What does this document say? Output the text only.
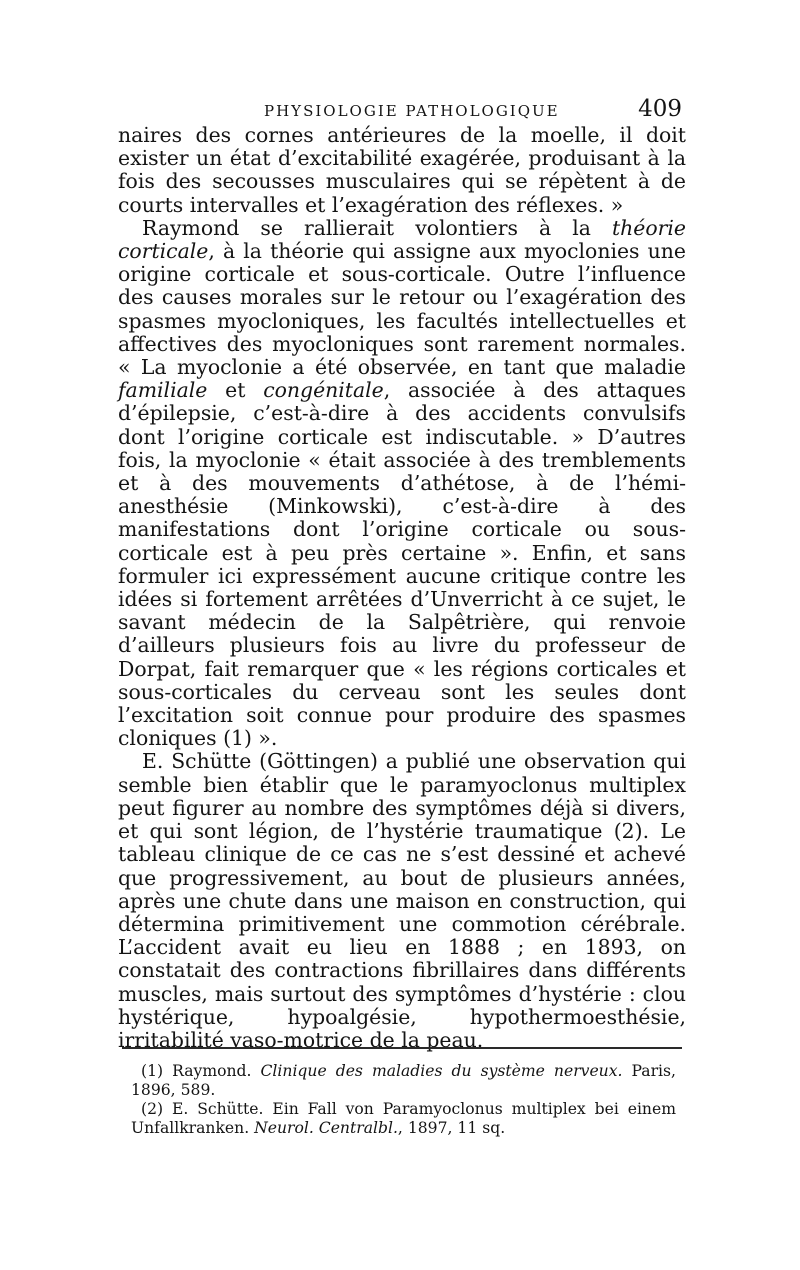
PHYSIOLOGIE PATHOLOGIQUE	409

naires des cornes antérieures de la moelle, il doit exister un état d’excitabilité exagérée, produisant à la fois des secousses musculaires qui se répètent à de courts intervalles et l’exagération des réflexes. »

Raymond se rallierait volontiers à la théorie corticale, à la théorie qui assigne aux myoclonies une origine corticale et sous-corticale. Outre l’influence des causes morales sur le retour ou l’exagération des spasmes myocloniques, les facultés intellectuelles et affectives des myocloniques sont rarement normales. « La myoclonie a été observée, en tant que maladie familiale et congénitale, associée à des attaques d’épilepsie, c’est-à-dire à des accidents convulsifs dont l’origine corticale est indiscutable. » D’autres fois, la myoclonie « était associée à des tremblements et à des mouvements d’athétose, à de l’hémi-anesthésie (Minkowski), c’est-à-dire à des manifestations dont l’origine corticale ou sous-corticale est à peu près certaine ». Enfin, et sans formuler ici expressément aucune critique contre les idées si fortement arrêtées d’Unverricht à ce sujet, le savant médecin de la Salpêtrière, qui renvoie d’ailleurs plusieurs fois au livre du professeur de Dorpat, fait remarquer que « les régions corticales et sous-corticales du cerveau sont les seules dont l’excitation soit connue pour produire des spasmes cloniques (1) ».

E. Schütte (Göttingen) a publié une observation qui semble bien établir que le paramyoclonus multiplex peut figurer au nombre des symptômes déjà si divers, et qui sont légion, de l’hystérie traumatique (2). Le tableau clinique de ce cas ne s’est dessiné et achevé que progressivement, au bout de plusieurs années, après une chute dans une maison en construction, qui détermina primitivement une commotion cérébrale. L’accident avait eu lieu en 1888 ; en 1893, on constatait des contractions fibrillaires dans différents muscles, mais surtout des symptômes d’hystérie : clou hystérique, hypoalgésie, hypothermoesthésie, irritabilité vaso-motrice de la peau.

(1) Raymond. Clinique des maladies du système nerveux. Paris, 1896, 589.

(2) E. Schütte. Ein Fall von Paramyoclonus multiplex bei einem Unfallkranken. Neurol. Centralbl., 1897, 11 sq.
